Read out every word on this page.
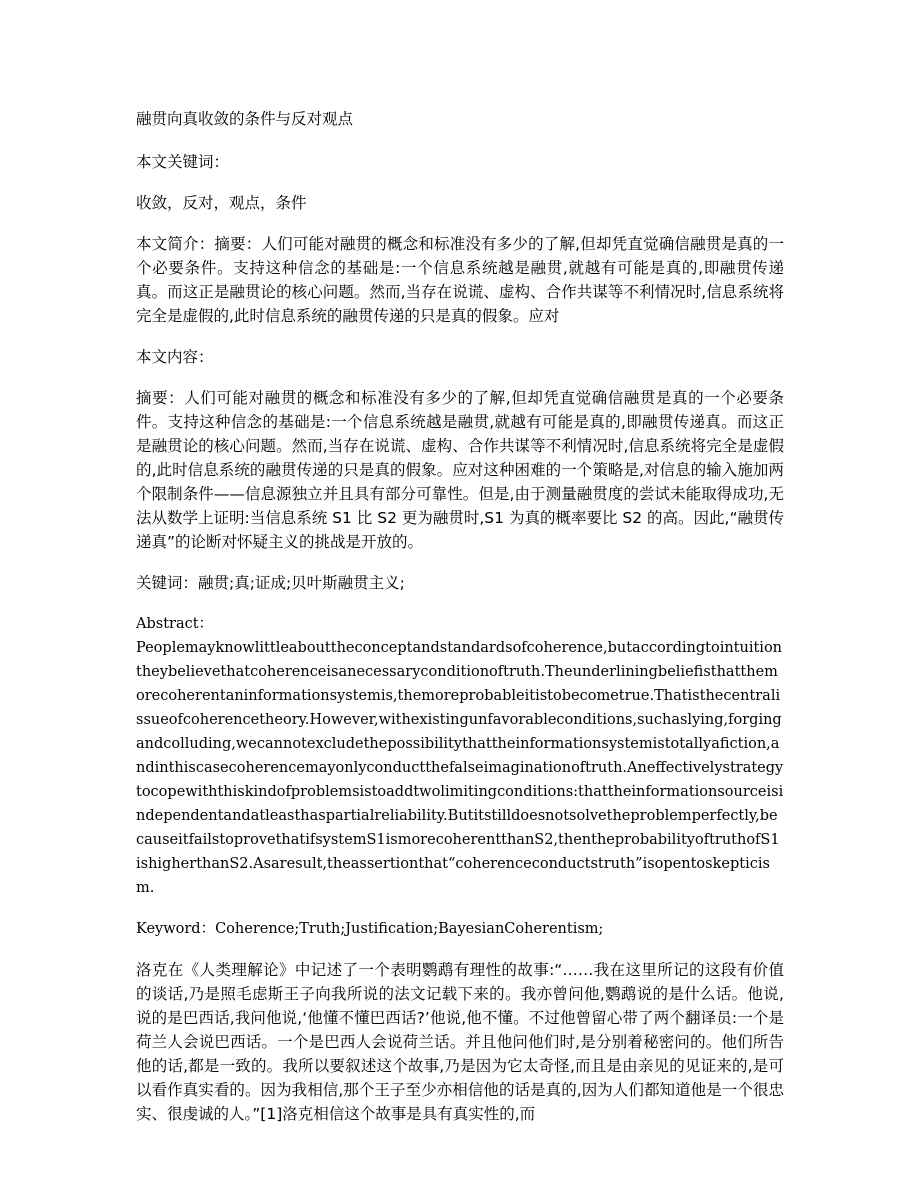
融贯向真收敛的条件与反对观点

本文关键词：

收敛，反对，观点，条件

本文简介：摘要：人们可能对融贯的概念和标准没有多少的了解,但却凭直觉确信融贯是真的一个必要条件。支持这种信念的基础是:一个信息系统越是融贯,就越有可能是真的,即融贯传递真。而这正是融贯论的核心问题。然而,当存在说谎、虚构、合作共谋等不利情况时,信息系统将完全是虚假的,此时信息系统的融贯传递的只是真的假象。应对

本文内容：

摘要：人们可能对融贯的概念和标准没有多少的了解,但却凭直觉确信融贯是真的一个必要条件。支持这种信念的基础是:一个信息系统越是融贯,就越有可能是真的,即融贯传递真。而这正是融贯论的核心问题。然而,当存在说谎、虚构、合作共谋等不利情况时,信息系统将完全是虚假的,此时信息系统的融贯传递的只是真的假象。应对这种困难的一个策略是,对信息的输入施加两个限制条件——信息源独立并且具有部分可靠性。但是,由于测量融贯度的尝试未能取得成功,无法从数学上证明:当信息系统 S1 比 S2 更为融贯时,S1 为真的概率要比 S2 的高。因此,“融贯传递真”的论断对怀疑主义的挑战是开放的。

关键词：融贯;真;证成;贝叶斯融贯主义;

Abstract：
Peoplemayknowlittleabouttheconceptandstandardsofcoherence,butaccordingtointuitiontheybelievethatcoherenceisanecessaryconditionoftruth.Theunderliningbeliefisthatthemorecoherentaninformationsystemis,themoreprobableitistobecometrue.Thatisthecentralissueofcoherencetheory.However,withexistingunfavorableconditions,suchaslying,forgingandcolluding,wecannotexcludethepossibilitythattheinformationsystemistotallyafiction,andinthiscasecoherencemayonlyconductthefalseimaginationoftruth.Aneffectivelystrategytocopewiththiskindofproblemsistoaddtwolimitingconditions:thattheinformationsourceisindependentandatleasthaspartialreliability.Butitstilldoesnotsolvetheproblemperfectly,becauseitfailstoprovethatifsystemS1ismorecoherentthanS2,thentheprobabilityoftruthofS1ishigherthanS2.Asaresult,theassertionthat“coherenceconductstruth”isopentoskepticism.

Keyword：Coherence;Truth;Justification;BayesianCoherentism;

洛克在《人类理解论》中记述了一个表明鹦鹉有理性的故事:“……我在这里所记的这段有价值的谈话,乃是照毛虑斯王子向我所说的法文记载下来的。我亦曾问他,鹦鹉说的是什么话。他说,说的是巴西话,我问他说,‘他懂不懂巴西话?’他说,他不懂。不过他曾留心带了两个翻译员:一个是荷兰人会说巴西话。一个是巴西人会说荷兰话。并且他问他们时,是分别着秘密问的。他们所告他的话,都是一致的。我所以要叙述这个故事,乃是因为它太奇怪,而且是由亲见的见证来的,是可以看作真实看的。因为我相信,那个王子至少亦相信他的话是真的,因为人们都知道他是一个很忠实、很虔诚的人。”[1]洛克相信这个故事是具有真实性的,而
